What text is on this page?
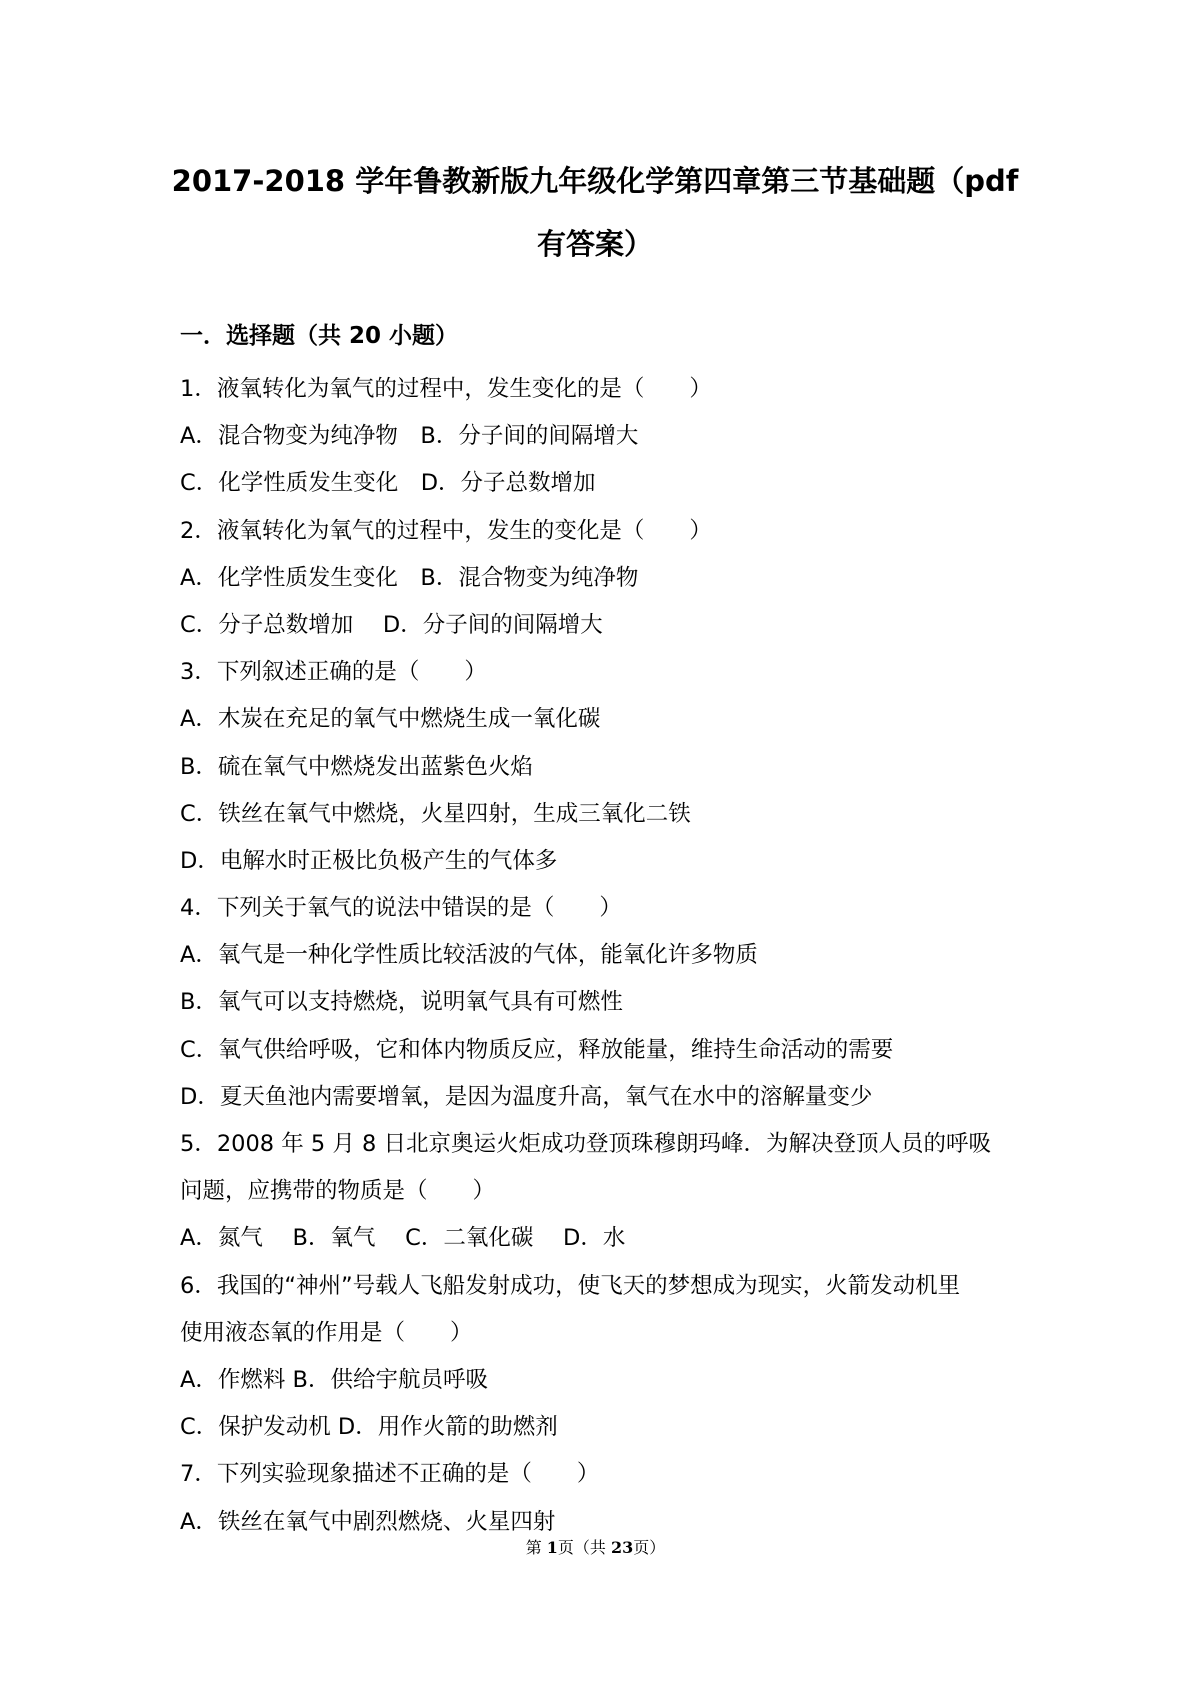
2017-2018 学年鲁教新版九年级化学第四章第三节基础题（pdf
有答案）
一．选择题（共 20 小题）
1．液氧转化为氧气的过程中，发生变化的是（　　）
A．混合物变为纯净物　B．分子间的间隔增大
C．化学性质发生变化　D．分子总数增加
2．液氧转化为氧气的过程中，发生的变化是（　　）
A．化学性质发生变化　B．混合物变为纯净物
C．分子总数增加　 D．分子间的间隔增大
3．下列叙述正确的是（　　）
A．木炭在充足的氧气中燃烧生成一氧化碳
B．硫在氧气中燃烧发出蓝紫色火焰
C．铁丝在氧气中燃烧，火星四射，生成三氧化二铁
D．电解水时正极比负极产生的气体多
4．下列关于氧气的说法中错误的是（　　）
A．氧气是一种化学性质比较活波的气体，能氧化许多物质
B．氧气可以支持燃烧，说明氧气具有可燃性
C．氧气供给呼吸，它和体内物质反应，释放能量，维持生命活动的需要
D．夏天鱼池内需要增氧，是因为温度升高，氧气在水中的溶解量变少
5．2008 年 5 月 8 日北京奥运火炬成功登顶珠穆朗玛峰．为解决登顶人员的呼吸
问题，应携带的物质是（　　）
A．氮气　 B．氧气　 C．二氧化碳　 D．水
6．我国的“神州”号载人飞船发射成功，使飞天的梦想成为现实，火箭发动机里
使用液态氧的作用是（　　）
A．作燃料 B．供给宇航员呼吸
C．保护发动机 D．用作火箭的助燃剂
7．下列实验现象描述不正确的是（　　）
A．铁丝在氧气中剧烈燃烧、火星四射
第 1页（共 23页）
